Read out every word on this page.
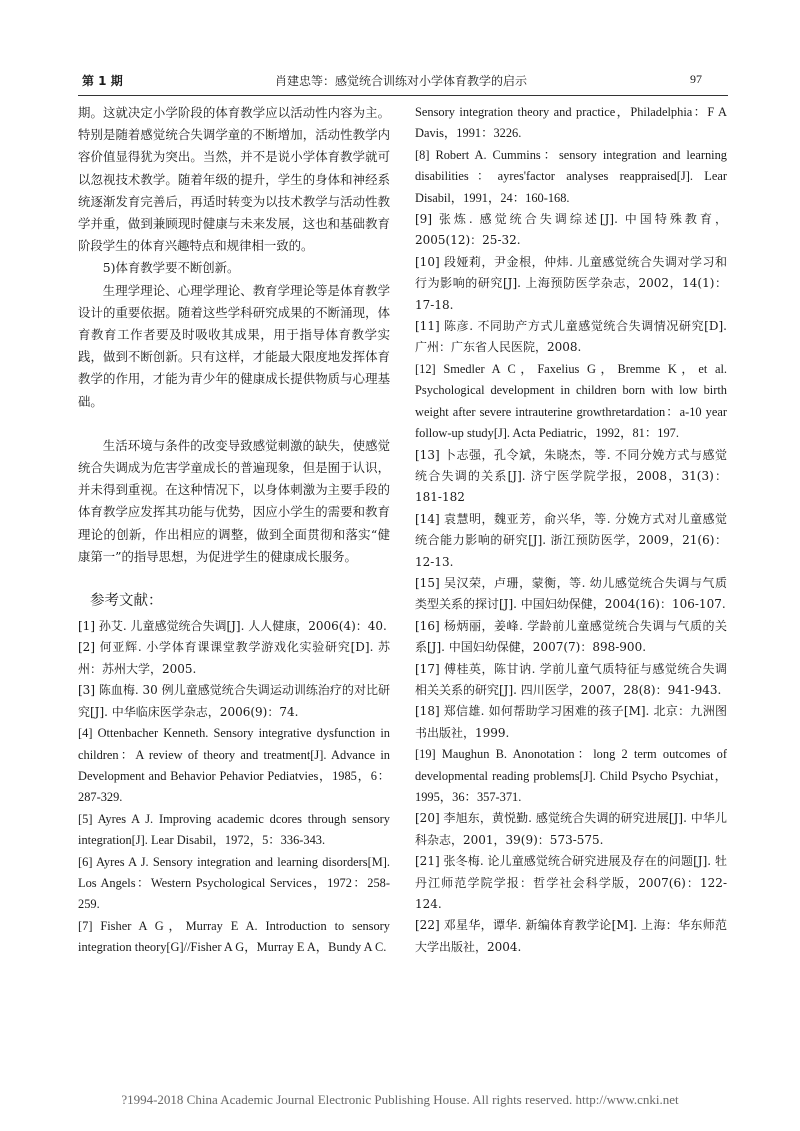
第 1 期	肖建忠等：感觉统合训练对小学体育教学的启示	97

期。这就决定小学阶段的体育教学应以活动性内容为主。特别是随着感觉统合失调学童的不断增加，活动性教学内容价值显得犹为突出。当然，并不是说小学体育教学就可以忽视技术教学。随着年级的提升，学生的身体和神经系统逐渐发育完善后，再适时转变为以技术教学与活动性教学并重，做到兼顾现时健康与未来发展，这也和基础教育阶段学生的体育兴趣特点和规律相一致的。

5)体育教学要不断创新。

生理学理论、心理学理论、教育学理论等是体育教学设计的重要依据。随着这些学科研究成果的不断涌现，体育教育工作者要及时吸收其成果，用于指导体育教学实践，做到不断创新。只有这样，才能最大限度地发挥体育教学的作用，才能为青少年的健康成长提供物质与心理基础。

生活环境与条件的改变导致感觉刺激的缺失，使感觉统合失调成为危害学童成长的普遍现象，但是囿于认识，并未得到重视。在这种情况下，以身体刺激为主要手段的体育教学应发挥其功能与优势，因应小学生的需要和教育理论的创新，作出相应的调整，做到全面贯彻和落实“健康第一”的指导思想，为促进学生的健康成长服务。

参考文献：

[1] 孙艾. 儿童感觉统合失调[J]. 人人健康，2006(4)：40.

[2] 何亚辉. 小学体育课课堂教学游戏化实验研究[D]. 苏州：苏州大学，2005.

[3] 陈血梅. 30 例儿童感觉统合失调运动训练治疗的对比研究[J]. 中华临床医学杂志，2006(9)：74.

[4] Ottenbacher Kenneth. Sensory integrative dysfunction in children：A review of theory and treatment[J]. Advance in Development and Behavior Pehavior Pediatvies，1985，6：287-329.

[5] Ayres A J. Improving academic dcores through sensory integration[J]. Lear Disabil，1972，5：336-343.

[6] Ayres A J. Sensory integration and learning disorders[M]. Los Angels：Western Psychological Services，1972：258-259.

[7] Fisher A G，Murray E A. Introduction to sensory integration theory[G]//Fisher A G，Murray E A，Bundy A C.

Sensory integration theory and practice，Philadelphia：F A Davis，1991：3226.

[8] Robert A. Cummins：sensory integration and learning disabilities：ayres'factor analyses reappraised[J]. Lear Disabil，1991，24：160-168.

[9] 张炼. 感觉统合失调综述[J]. 中国特殊教育，2005(12)：25-32.

[10] 段娅莉，尹金根，仲炜. 儿童感觉统合失调对学习和行为影响的研究[J]. 上海预防医学杂志，2002，14(1)：17-18.

[11] 陈彦. 不同助产方式儿童感觉统合失调情况研究[D]. 广州：广东省人民医院，2008.

[12] Smedler A C，Faxelius G，Bremme K，et al. Psychological development in children born with low birth weight after severe intrauterine growthretardation：a-10 year follow-up study[J]. Acta Pediatric，1992，81：197.

[13] 卜志强，孔令斌，朱晓杰，等. 不同分娩方式与感觉统合失调的关系[J]. 济宁医学院学报，2008，31(3)：181-182

[14] 袁慧明，魏亚芳，俞兴华，等. 分娩方式对儿童感觉统合能力影响的研究[J]. 浙江预防医学，2009，21(6)：12-13.

[15] 吴汉荣，卢珊，蒙衡，等. 幼儿感觉统合失调与气质类型关系的探讨[J]. 中国妇幼保健，2004(16)：106-107.

[16] 杨炳丽，姜峰. 学龄前儿童感觉统合失调与气质的关系[J]. 中国妇幼保健，2007(7)：898-900.

[17] 傅桂英，陈甘讷. 学前儿童气质特征与感觉统合失调相关关系的研究[J]. 四川医学，2007，28(8)：941-943.

[18] 郑信雄. 如何帮助学习困难的孩子[M]. 北京：九洲图书出版社，1999.

[19] Maughun B. Anonotation：long 2 term outcomes of developmental reading problems[J]. Child Psycho Psychiat，1995，36：357-371.

[20] 李旭东，黄悦勤. 感觉统合失调的研究进展[J]. 中华儿科杂志，2001，39(9)：573-575.

[21] 张冬梅. 论儿童感觉统合研究进展及存在的问题[J]. 牡丹江师范学院学报：哲学社会科学版，2007(6)：122-124.

[22] 邓星华，谭华. 新编体育教学论[M]. 上海：华东师范大学出版社，2004.

?1994-2018 China Academic Journal Electronic Publishing House. All rights reserved. http://www.cnki.net
